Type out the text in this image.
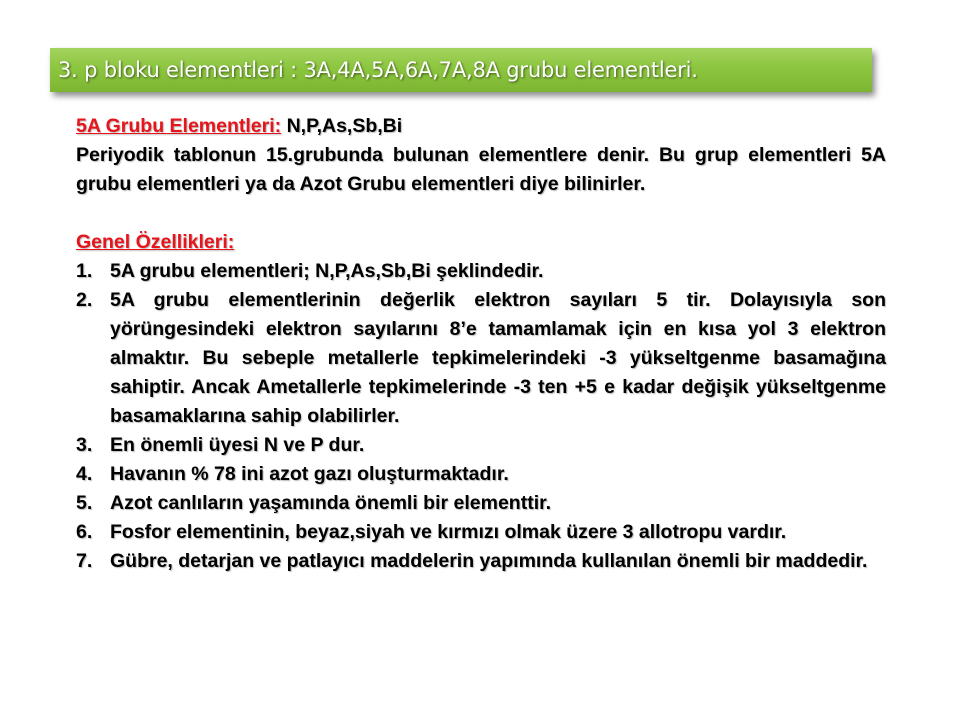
3. p bloku elementleri : 3A,4A,5A,6A,7A,8A grubu elementleri.
5A Grubu Elementleri: N,P,As,Sb,Bi
Periyodik tablonun 15.grubunda bulunan elementlere denir. Bu grup elementleri 5A grubu elementleri ya da Azot Grubu elementleri diye bilinirler.
Genel Özellikleri:
1. 5A grubu elementleri; N,P,As,Sb,Bi şeklindedir.
2. 5A grubu elementlerinin değerlik elektron sayıları 5 tir. Dolayısıyla son yörüngesindeki elektron sayılarını 8’e tamamlamak için en kısa yol 3 elektron almaktır. Bu sebeple metallerle tepkimelerindeki -3 yükseltgenme basamağına sahiptir. Ancak Ametallerle tepkimelerinde -3 ten +5 e kadar değişik yükseltgenme basamaklarına sahip olabilirler.
3. En önemli üyesi N ve P dur.
4. Havanın % 78 ini azot gazı oluşturmaktadır.
5. Azot canlıların yaşamında önemli bir elementtir.
6. Fosfor elementinin, beyaz,siyah ve kırmızı olmak üzere 3 allotropu vardır.
7. Gübre, detarjan ve patlayıcı maddelerin yapımında kullanılan önemli bir maddedir.
